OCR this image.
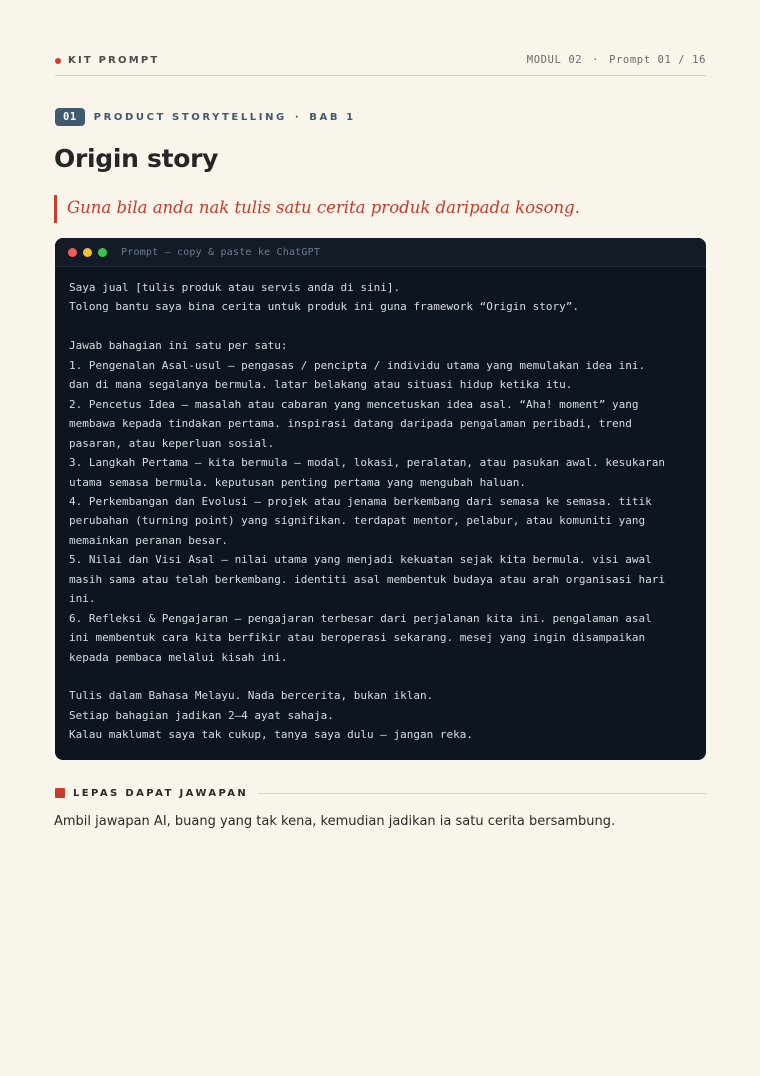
KIT PROMPT	MODUL 02 · Prompt 01 / 16
01	PRODUCT STORYTELLING · BAB 1
Origin story
Guna bila anda nak tulis satu cerita produk daripada kosong.
Prompt — copy & paste ke ChatGPT
Saya jual [tulis produk atau servis anda di sini].
Tolong bantu saya bina cerita untuk produk ini guna framework “Origin story”.
Jawab bahagian ini satu per satu:
1. Pengenalan Asal-usul — pengasas / pencipta / individu utama yang memulakan idea ini.
dan di mana segalanya bermula. latar belakang atau situasi hidup ketika itu.
2. Pencetus Idea — masalah atau cabaran yang mencetuskan idea asal. “Aha! moment” yang
membawa kepada tindakan pertama. inspirasi datang daripada pengalaman peribadi, trend
pasaran, atau keperluan sosial.
3. Langkah Pertama — kita bermula — modal, lokasi, peralatan, atau pasukan awal. kesukaran
utama semasa bermula. keputusan penting pertama yang mengubah haluan.
4. Perkembangan dan Evolusi — projek atau jenama berkembang dari semasa ke semasa. titik
perubahan (turning point) yang signifikan. terdapat mentor, pelabur, atau komuniti yang
memainkan peranan besar.
5. Nilai dan Visi Asal — nilai utama yang menjadi kekuatan sejak kita bermula. visi awal
masih sama atau telah berkembang. identiti asal membentuk budaya atau arah organisasi hari
ini.
6. Refleksi & Pengajaran — pengajaran terbesar dari perjalanan kita ini. pengalaman asal
ini membentuk cara kita berfikir atau beroperasi sekarang. mesej yang ingin disampaikan
kepada pembaca melalui kisah ini.
Tulis dalam Bahasa Melayu. Nada bercerita, bukan iklan.
Setiap bahagian jadikan 2–4 ayat sahaja.
Kalau maklumat saya tak cukup, tanya saya dulu — jangan reka.
LEPAS DAPAT JAWAPAN

Ambil jawapan AI, buang yang tak kena, kemudian jadikan ia satu cerita bersambung.
